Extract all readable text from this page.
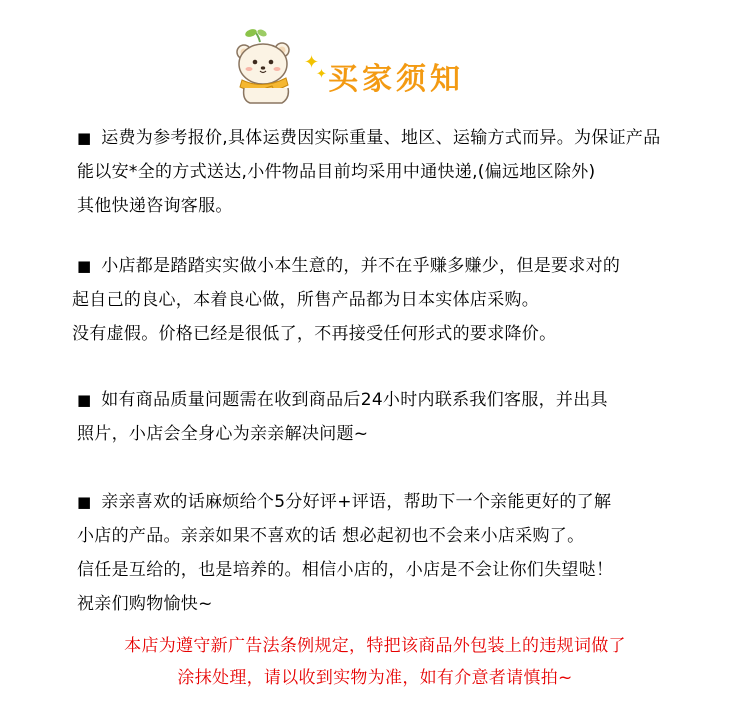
✦
✦ 买家须知
■ 运费为参考报价,具体运费因实际重量、地区、运输方式而异。为保证产品
能以安*全的方式送达,小件物品目前均采用中通快递,(偏远地区除外)
其他快递咨询客服。
■ 小店都是踏踏实实做小本生意的，并不在乎赚多赚少，但是要求对的
起自己的良心，本着良心做，所售产品都为日本实体店采购。
没有虚假。价格已经是很低了，不再接受任何形式的要求降价。
■ 如有商品质量问题需在收到商品后24小时内联系我们客服，并出具
照片，小店会全身心为亲亲解决问题~
■ 亲亲喜欢的话麻烦给个5分好评+评语，帮助下一个亲能更好的了解
小店的产品。亲亲如果不喜欢的话 想必起初也不会来小店采购了。
信任是互给的，也是培养的。相信小店的，小店是不会让你们失望哒！
祝亲们购物愉快~
本店为遵守新广告法条例规定，特把该商品外包装上的违规词做了
涂抹处理，请以收到实物为准，如有介意者请慎拍~
